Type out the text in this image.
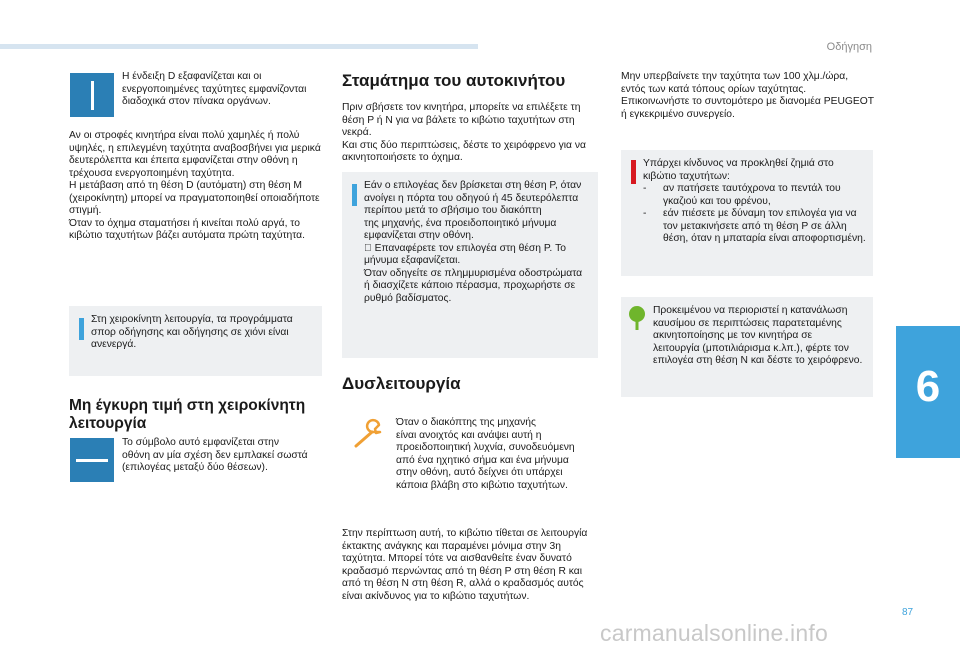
Οδήγηση
6

Η ένδειξη D εξαφανίζεται και οι
ενεργοποιημένες ταχύτητες εμφανίζονται
διαδοχικά στον πίνακα οργάνων.

Αν οι στροφές κινητήρα είναι πολύ χαμηλές ή πολύ
υψηλές, η επιλεγμένη ταχύτητα αναβοσβήνει για μερικά
δευτερόλεπτα και έπειτα εμφανίζεται στην οθόνη η
τρέχουσα ενεργοποιημένη ταχύτητα.
Η μετάβαση από τη θέση D (αυτόματη) στη θέση M
(χειροκίνητη) μπορεί να πραγματοποιηθεί οποιαδήποτε
στιγμή.
Όταν το όχημα σταματήσει ή κινείται πολύ αργά, το
κιβώτιο ταχυτήτων βάζει αυτόματα πρώτη ταχύτητα.

Στη χειροκίνητη λειτουργία, τα προγράμματα
σπορ οδήγησης και οδήγησης σε χιόνι είναι
ανενεργά.

Μη έγκυρη τιμή στη χειροκίνητη
λειτουργία

Το σύμβολο αυτό εμφανίζεται στην
οθόνη αν μία σχέση δεν εμπλακεί σωστά
(επιλογέας μεταξύ δύο θέσεων).

Σταμάτημα του αυτοκινήτου

Πριν σβήσετε τον κινητήρα, μπορείτε να επιλέξετε τη
θέση P ή N για να βάλετε το κιβώτιο ταχυτήτων στη
νεκρά.
Και στις δύο περιπτώσεις, δέστε το χειρόφρενο για να
ακινητοποιήσετε το όχημα.

Εάν ο επιλογέας δεν βρίσκεται στη θέση P, όταν
ανοίγει η πόρτα του οδηγού ή 45 δευτερόλεπτα
περίπου μετά το σβήσιμο του διακόπτη
της μηχανής, ένα προειδοποιητικό μήνυμα
εμφανίζεται στην οθόνη.
Επαναφέρετε τον επιλογέα στη θέση P. Το
μήνυμα εξαφανίζεται.
Όταν οδηγείτε σε πλημμυρισμένα οδοστρώματα
ή διασχίζετε κάποιο πέρασμα, προχωρήστε σε
ρυθμό βαδίσματος.

Δυσλειτουργία

Όταν ο διακόπτης της μηχανής
είναι ανοιχτός και ανάψει αυτή η
προειδοποιητική λυχνία, συνοδευόμενη
από ένα ηχητικό σήμα και ένα μήνυμα
στην οθόνη, αυτό δείχνει ότι υπάρχει
κάποια βλάβη στο κιβώτιο ταχυτήτων.

Στην περίπτωση αυτή, το κιβώτιο τίθεται σε λειτουργία
έκτακτης ανάγκης και παραμένει μόνιμα στην 3η
ταχύτητα. Μπορεί τότε να αισθανθείτε έναν δυνατό
κραδασμό περνώντας από τη θέση P στη θέση R και
από τη θέση N στη θέση R, αλλά ο κραδασμός αυτός
είναι ακίνδυνος για το κιβώτιο ταχυτήτων.

Μην υπερβαίνετε την ταχύτητα των 100 χλμ./ώρα,
εντός των κατά τόπους ορίων ταχύτητας.
Επικοινωνήστε το συντομότερο με διανομέα PEUGEOT
ή εγκεκριμένο συνεργείο.

Υπάρχει κίνδυνος να προκληθεί ζημιά στο
κιβώτιο ταχυτήτων:

-	αν πατήσετε ταυτόχρονα το πεντάλ του
γκαζιού και του φρένου,
-	εάν πιέσετε με δύναμη τον επιλογέα για να
τον μετακινήσετε από τη θέση P σε άλλη
θέση, όταν η μπαταρία είναι αποφορτισμένη.

Προκειμένου να περιοριστεί η κατανάλωση
καυσίμου σε περιπτώσεις παρατεταμένης
ακινητοποίησης με τον κινητήρα σε
λειτουργία (μποτιλιάρισμα κ.λπ.), φέρτε τον
επιλογέα στη θέση N και δέστε το χειρόφρενο.

87
carmanualsonline.info
